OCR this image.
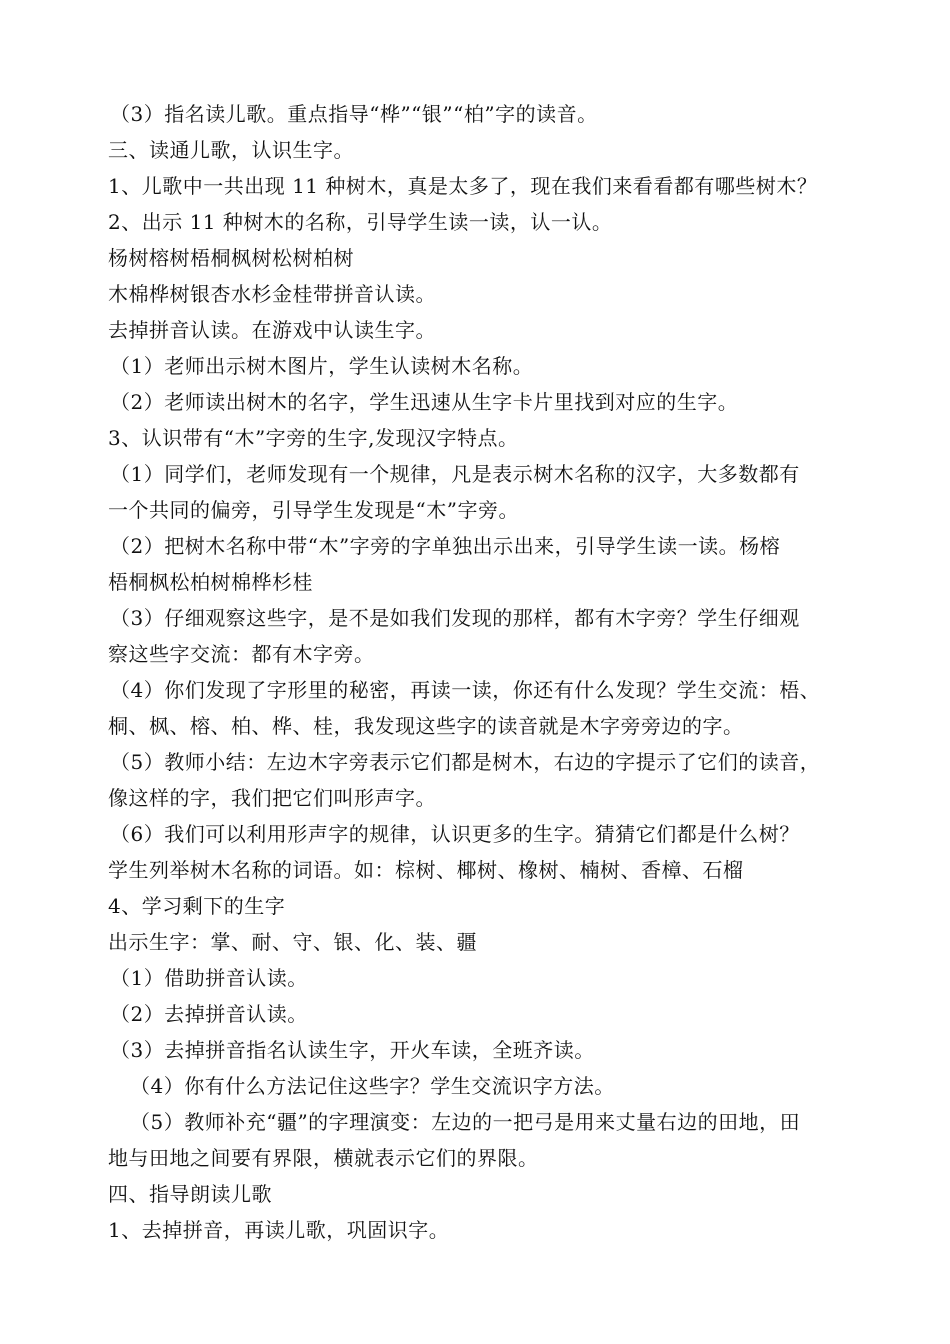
（3）指名读儿歌。重点指导“桦”“银”“柏”字的读音。
三、读通儿歌，认识生字。
1、儿歌中一共出现 11 种树木，真是太多了，现在我们来看看都有哪些树木？
2、出示 11 种树木的名称，引导学生读一读，认一认。
杨树榕树梧桐枫树松树柏树
木棉桦树银杏水杉金桂带拼音认读。
去掉拼音认读。在游戏中认读生字。
（1）老师出示树木图片，学生认读树木名称。
（2）老师读出树木的名字，学生迅速从生字卡片里找到对应的生字。
3、认识带有“木”字旁的生字,发现汉字特点。
（1）同学们，老师发现有一个规律，凡是表示树木名称的汉字，大多数都有
一个共同的偏旁，引导学生发现是“木”字旁。
（2）把树木名称中带“木”字旁的字单独出示出来，引导学生读一读。杨榕
梧桐枫松柏树棉桦杉桂
（3）仔细观察这些字，是不是如我们发现的那样，都有木字旁？学生仔细观
察这些字交流：都有木字旁。
（4）你们发现了字形里的秘密，再读一读，你还有什么发现？学生交流：梧、
桐、枫、榕、柏、桦、桂，我发现这些字的读音就是木字旁旁边的字。
（5）教师小结：左边木字旁表示它们都是树木，右边的字提示了它们的读音，
像这样的字，我们把它们叫形声字。
（6）我们可以利用形声字的规律，认识更多的生字。猜猜它们都是什么树？
学生列举树木名称的词语。如：棕树、椰树、橡树、楠树、香樟、石榴
4、学习剩下的生字
出示生字：掌、耐、守、银、化、装、疆
（1）借助拼音认读。
（2）去掉拼音认读。
（3）去掉拼音指名认读生字，开火车读，全班齐读。
（4）你有什么方法记住这些字？学生交流识字方法。
（5）教师补充“疆”的字理演变：左边的一把弓是用来丈量右边的田地，田
地与田地之间要有界限，横就表示它们的界限。
四、指导朗读儿歌
1、去掉拼音，再读儿歌，巩固识字。
